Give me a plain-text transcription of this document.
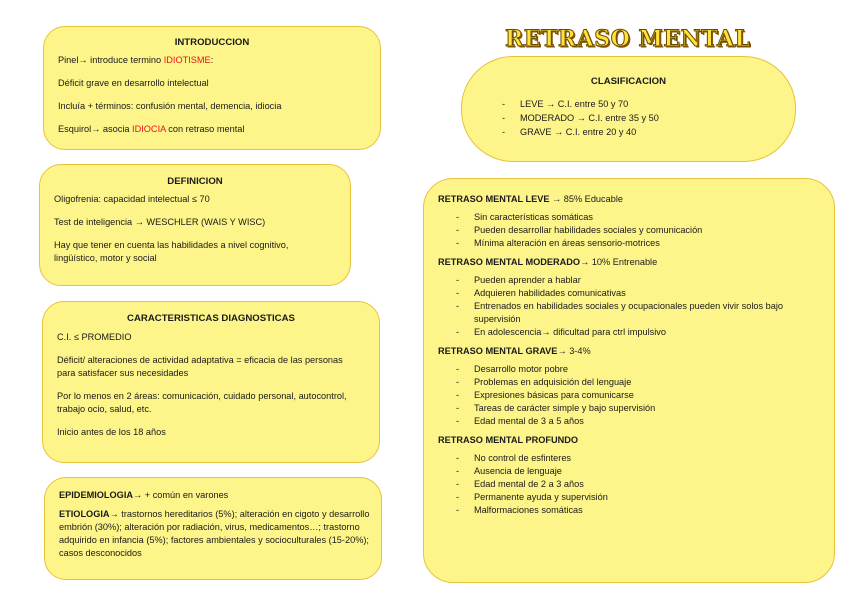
RETRASO MENTAL
INTRODUCCION

Pinel→ introduce termino IDIOTISME:

Déficit grave en desarrollo intelectual

Incluía + términos: confusión mental, demencia, idiocia

Esquirol→ asocia IDIOCIA con retraso mental

DEFINICION

Oligofrenia: capacidad intelectual ≤ 70

Test de inteligencia → WESCHLER (WAIS Y WISC)

Hay que tener en cuenta las habilidades a nivel cognitivo, lingüístico, motor y social

CARACTERISTICAS DIAGNOSTICAS

C.I. ≤ PROMEDIO

Déficit/ alteraciones de actividad adaptativa = eficacia de las personas para satisfacer sus necesidades

Por lo menos en 2 áreas: comunicación, cuidado personal, autocontrol, trabajo ocio, salud, etc.

Inicio antes de los 18 años

EPIDEMIOLOGIA→ + común en varones

ETIOLOGIA→ trastornos hereditarios (5%); alteración en cigoto y desarrollo embrión (30%); alteración por radiación, virus, medicamentos…; trastorno adquirido en infancia (5%); factores ambientales y socioculturales (15-20%); casos desconocidos

CLASIFICACION
- LEVE → C.I. entre 50 y 70
- MODERADO → C.I. entre 35 y 50
- GRAVE → C.I. entre 20 y 40
RETRASO MENTAL LEVE → 85% Educable
- Sin características somáticas
- Pueden desarrollar habilidades sociales y comunicación
- Mínima alteración en áreas sensorio-motrices
RETRASO MENTAL MODERADO→ 10% Entrenable
- Pueden aprender a hablar
- Adquieren habilidades comunicativas
- Entrenados en habilidades sociales y ocupacionales pueden vivir solos bajo supervisión
- En adolescencia→ dificultad para ctrl impulsivo
RETRASO MENTAL GRAVE→ 3-4%
- Desarrollo motor pobre
- Problemas en adquisición del lenguaje
- Expresiones básicas para comunicarse
- Tareas de carácter simple y bajo supervisión
- Edad mental de 3 a 5 años
RETRASO MENTAL PROFUNDO
- No control de esfinteres
- Ausencia de lenguaje
- Edad mental de 2 a 3 años
- Permanente ayuda y supervisión
- Malformaciones somáticas
